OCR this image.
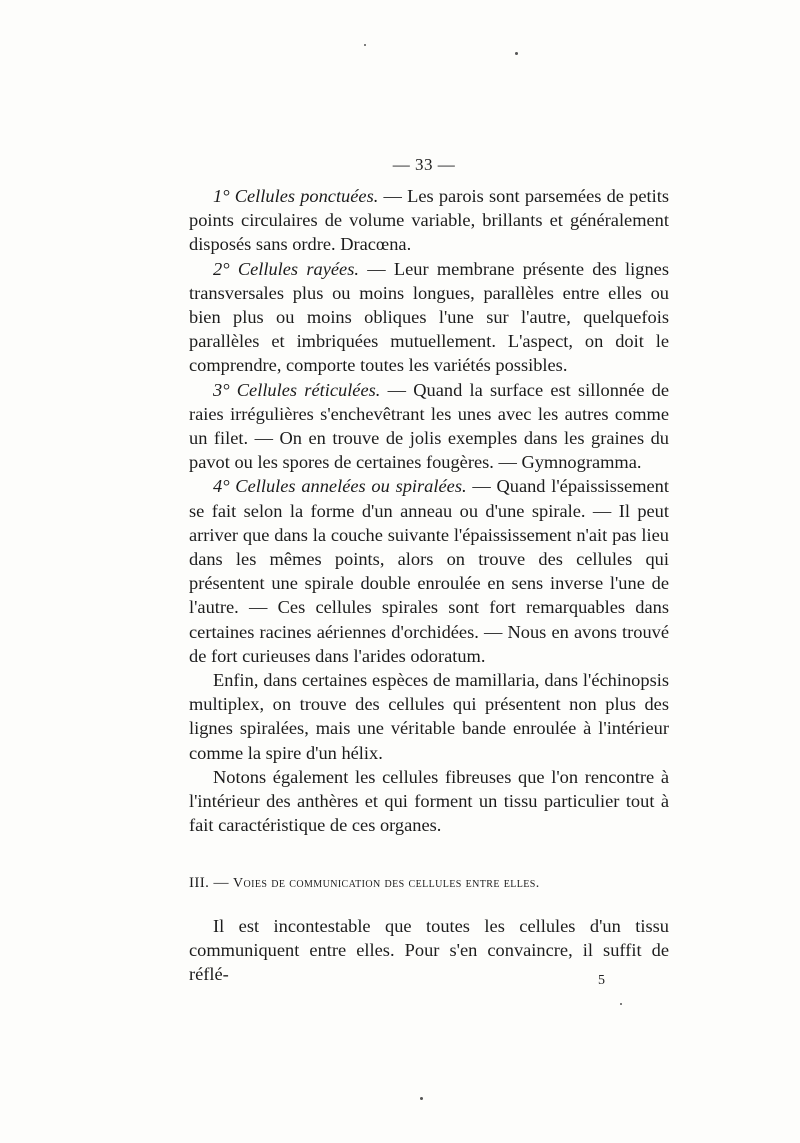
— 33 —

1° Cellules ponctuées. — Les parois sont parsemées de petits points circulaires de volume variable, brillants et généralement disposés sans ordre. Dracœna.

2° Cellules rayées. — Leur membrane présente des lignes transversales plus ou moins longues, parallèles entre elles ou bien plus ou moins obliques l'une sur l'autre, quelquefois parallèles et imbriquées mutuellement. L'aspect, on doit le comprendre, comporte toutes les variétés possibles.

3° Cellules réticulées. — Quand la surface est sillonnée de raies irrégulières s'enchevêtrant les unes avec les autres comme un filet. — On en trouve de jolis exemples dans les graines du pavot ou les spores de certaines fougères. — Gymnogramma.

4° Cellules annelées ou spiralées. — Quand l'épaississement se fait selon la forme d'un anneau ou d'une spirale. — Il peut arriver que dans la couche suivante l'épaississement n'ait pas lieu dans les mêmes points, alors on trouve des cellules qui présentent une spirale double enroulée en sens inverse l'une de l'autre. — Ces cellules spirales sont fort remarquables dans certaines racines aériennes d'orchidées. — Nous en avons trouvé de fort curieuses dans l'arides odoratum.

Enfin, dans certaines espèces de mamillaria, dans l'échinopsis multiplex, on trouve des cellules qui présentent non plus des lignes spiralées, mais une véritable bande enroulée à l'intérieur comme la spire d'un hélix.

Notons également les cellules fibreuses que l'on rencontre à l'intérieur des anthères et qui forment un tissu particulier tout à fait caractéristique de ces organes.

III. — Voies de communication des cellules entre elles.

Il est incontestable que toutes les cellules d'un tissu communiquent entre elles. Pour s'en convaincre, il suffit de réflé-	5
